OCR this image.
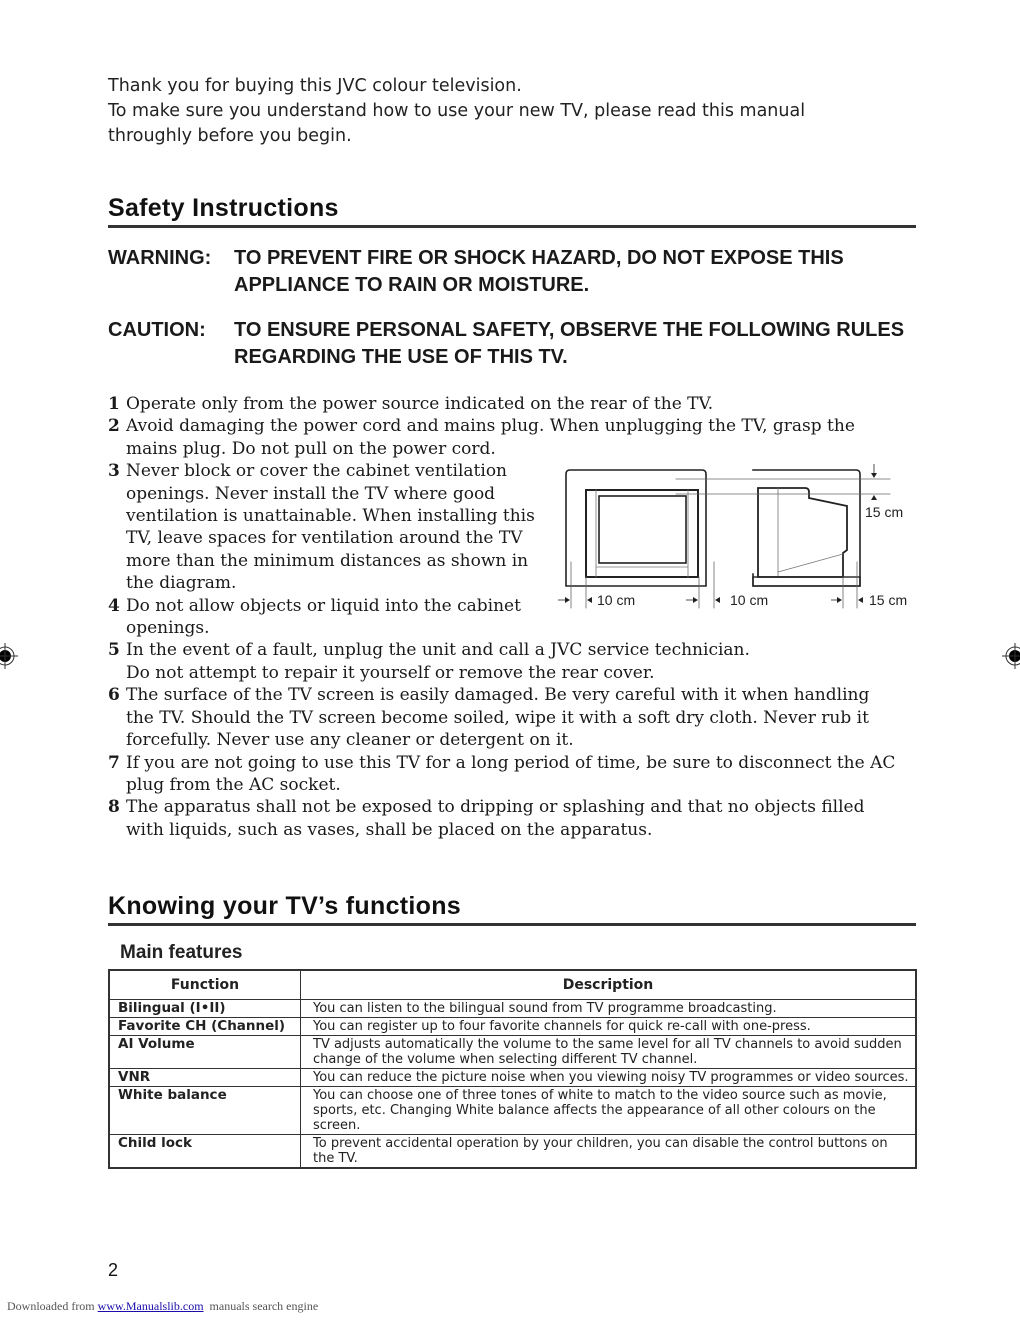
Thank you for buying this JVC colour television.
To make sure you understand how to use your new TV, please read this manual
throughly before you begin.
Safety Instructions
WARNING: TO PREVENT FIRE OR SHOCK HAZARD, DO NOT EXPOSE THIS APPLIANCE TO RAIN OR MOISTURE.
CAUTION: TO ENSURE PERSONAL SAFETY, OBSERVE THE FOLLOWING RULES REGARDING THE USE OF THIS TV.
1 Operate only from the power source indicated on the rear of the TV.
2 Avoid damaging the power cord and mains plug. When unplugging the TV, grasp the mains plug. Do not pull on the power cord.
3 Never block or cover the cabinet ventilation openings. Never install the TV where good ventilation is unattainable. When installing this TV, leave spaces for ventilation around the TV more than the minimum distances as shown in the diagram.
4 Do not allow objects or liquid into the cabinet openings.
5 In the event of a fault, unplug the unit and call a JVC service technician.
Do not attempt to repair it yourself or remove the rear cover.
6 The surface of the TV screen is easily damaged. Be very careful with it when handling the TV. Should the TV screen become soiled, wipe it with a soft dry cloth. Never rub it forcefully. Never use any cleaner or detergent on it.
7 If you are not going to use this TV for a long period of time, be sure to disconnect the AC plug from the AC socket.
8 The apparatus shall not be exposed to dripping or splashing and that no objects filled with liquids, such as vases, shall be placed on the apparatus.
10 cm	10 cm	15 cm
15 cm
Knowing your TV’s functions
Main features
Function	Description
Bilingual (I•II)	You can listen to the bilingual sound from TV programme broadcasting.
Favorite CH (Channel)	You can register up to four favorite channels for quick re-call with one-press.
AI Volume	TV adjusts automatically the volume to the same level for all TV channels to avoid sudden change of the volume when selecting different TV channel.
VNR	You can reduce the picture noise when you viewing noisy TV programmes or video sources.
White balance	You can choose one of three tones of white to match to the video source such as movie, sports, etc. Changing White balance affects the appearance of all other colours on the screen.
Child lock	To prevent accidental operation by your children, you can disable the control buttons on the TV.
2
Downloaded from www.Manualslib.com  manuals search engine
